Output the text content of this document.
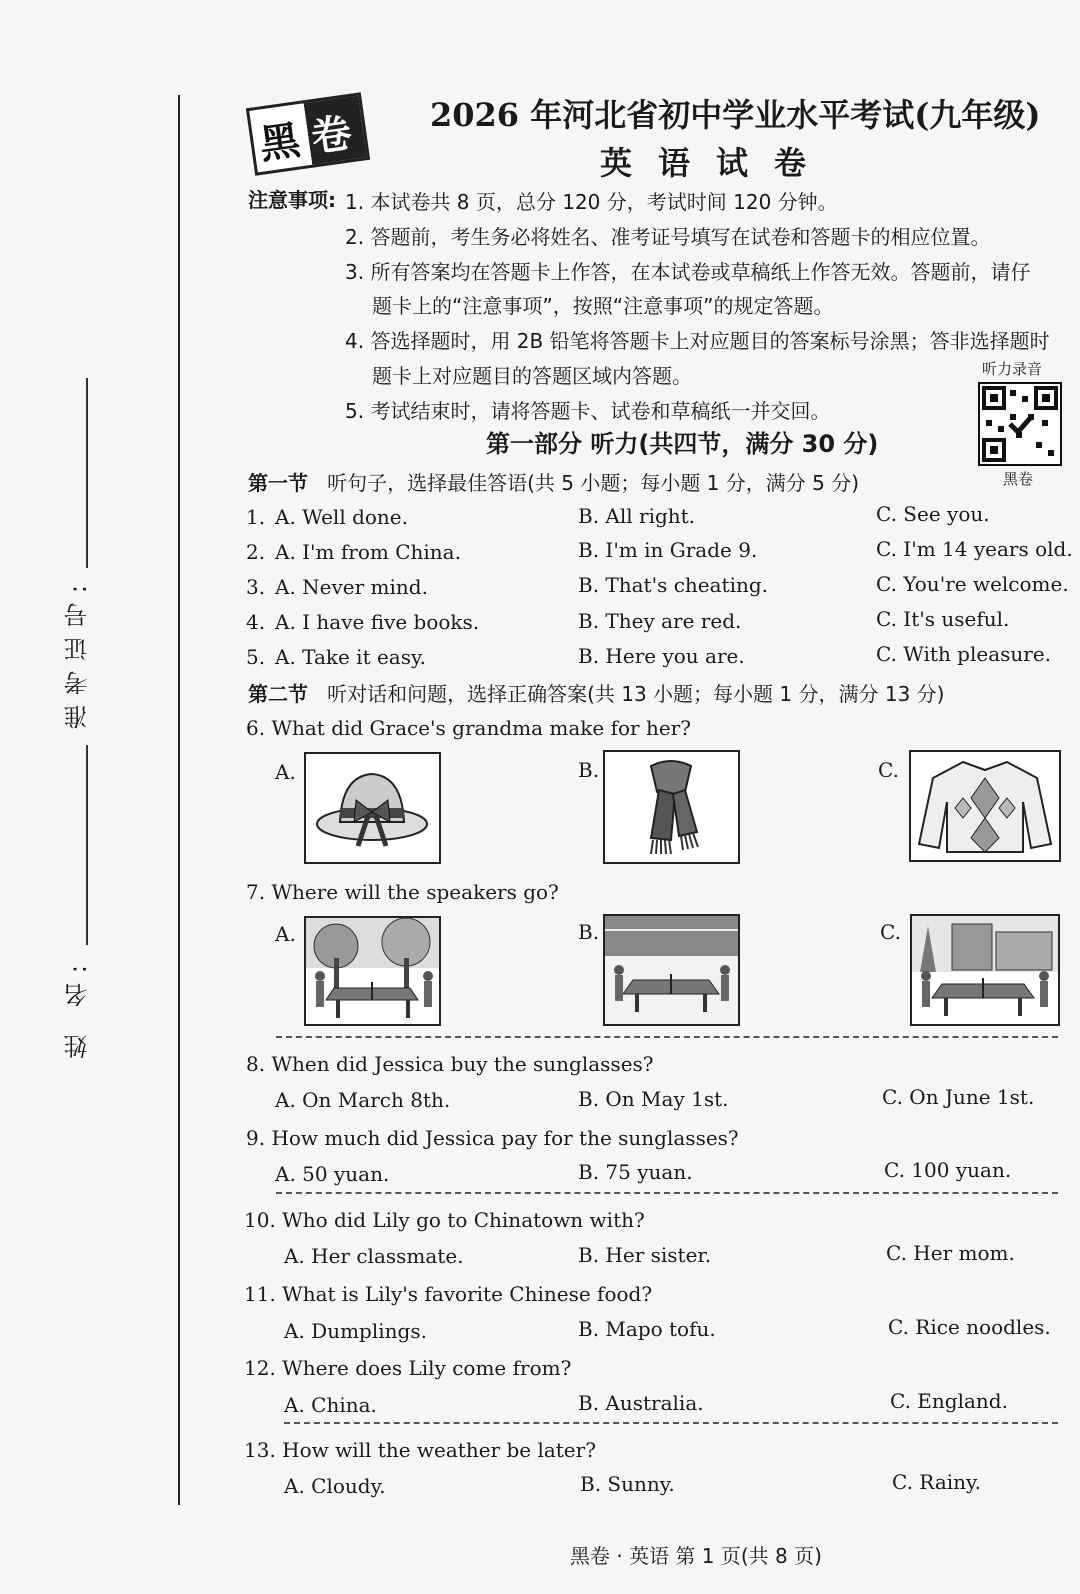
准考证号:
姓 名:
黑 卷 2026 年河北省初中学业水平考试(九年级)
英语试卷
注意事项: 1. 本试卷共 8 页，总分 120 分，考试时间 120 分钟。
2. 答题前，考生务必将姓名、准考证号填写在试卷和答题卡的相应位置。
3. 所有答案均在答题卡上作答，在本试卷或草稿纸上作答无效。答题前，请仔
题卡上的“注意事项”，按照“注意事项”的规定答题。
4. 答选择题时，用 2B 铅笔将答题卡上对应题目的答案标号涂黑；答非选择题时
题卡上对应题目的答题区域内答题。
5. 考试结束时，请将答题卡、试卷和草稿纸一并交回。
听力录音
黑卷
第一部分 听力(共四节，满分 30 分)
第一节 听句子，选择最佳答语(共 5 小题；每小题 1 分，满分 5 分)
1. A. Well done.	B. All right.	C. See you.
2. A. I'm from China.	B. I'm in Grade 9.	C. I'm 14 years old.
3. A. Never mind.	B. That's cheating.	C. You're welcome.
4. A. I have five books.	B. They are red.	C. It's useful.
5. A. Take it easy.	B. Here you are.	C. With pleasure.
第二节 听对话和问题，选择正确答案(共 13 小题；每小题 1 分，满分 13 分)
6. What did Grace's grandma make for her?
A.	B.	C.
7. Where will the speakers go?
A.	B.	C.
8. When did Jessica buy the sunglasses?
A. On March 8th.	B. On May 1st.	C. On June 1st.
9. How much did Jessica pay for the sunglasses?
A. 50 yuan.	B. 75 yuan.	C. 100 yuan.
10. Who did Lily go to Chinatown with?
A. Her classmate.	B. Her sister.	C. Her mom.
11. What is Lily's favorite Chinese food?
A. Dumplings.	B. Mapo tofu.	C. Rice noodles.
12. Where does Lily come from?
A. China.	B. Australia.	C. England.
13. How will the weather be later?
A. Cloudy.	B. Sunny.	C. Rainy.
黑卷 · 英语 第 1 页(共 8 页)
